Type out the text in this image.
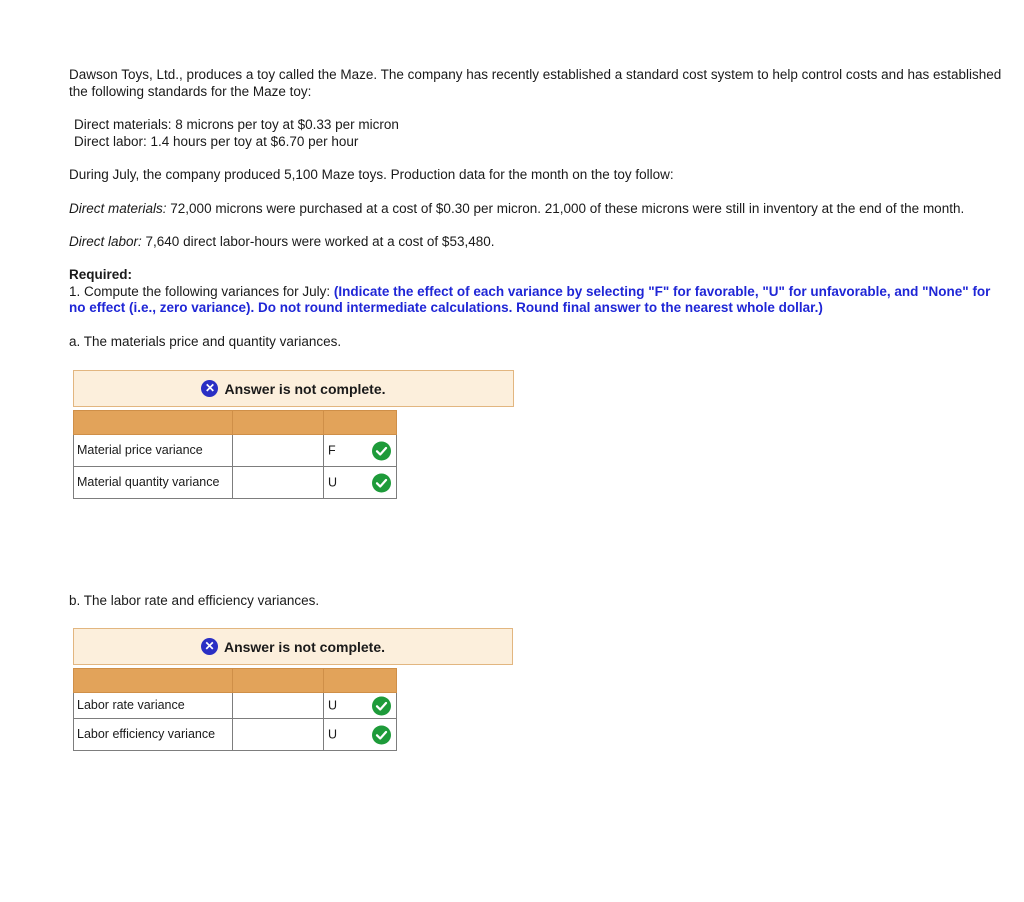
Dawson Toys, Ltd., produces a toy called the Maze. The company has recently established a standard cost system to help control costs and has established the following standards for the Maze toy:

Direct materials: 8 microns per toy at $0.33 per micron
Direct labor: 1.4 hours per toy at $6.70 per hour

During July, the company produced 5,100 Maze toys. Production data for the month on the toy follow:

Direct materials: 72,000 microns were purchased at a cost of $0.30 per micron. 21,000 of these microns were still in inventory at the end of the month.

Direct labor: 7,640 direct labor-hours were worked at a cost of $53,480.

Required:
1. Compute the following variances for July: (Indicate the effect of each variance by selecting "F" for favorable, "U" for unfavorable, and "None" for no effect (i.e., zero variance). Do not round intermediate calculations. Round final answer to the nearest whole dollar.)

a. The materials price and quantity variances.

✕ Answer is not complete.

Material price variance		F

Material quantity variance		U

b. The labor rate and efficiency variances.

✕ Answer is not complete.

Labor rate variance		U

Labor efficiency variance		U
